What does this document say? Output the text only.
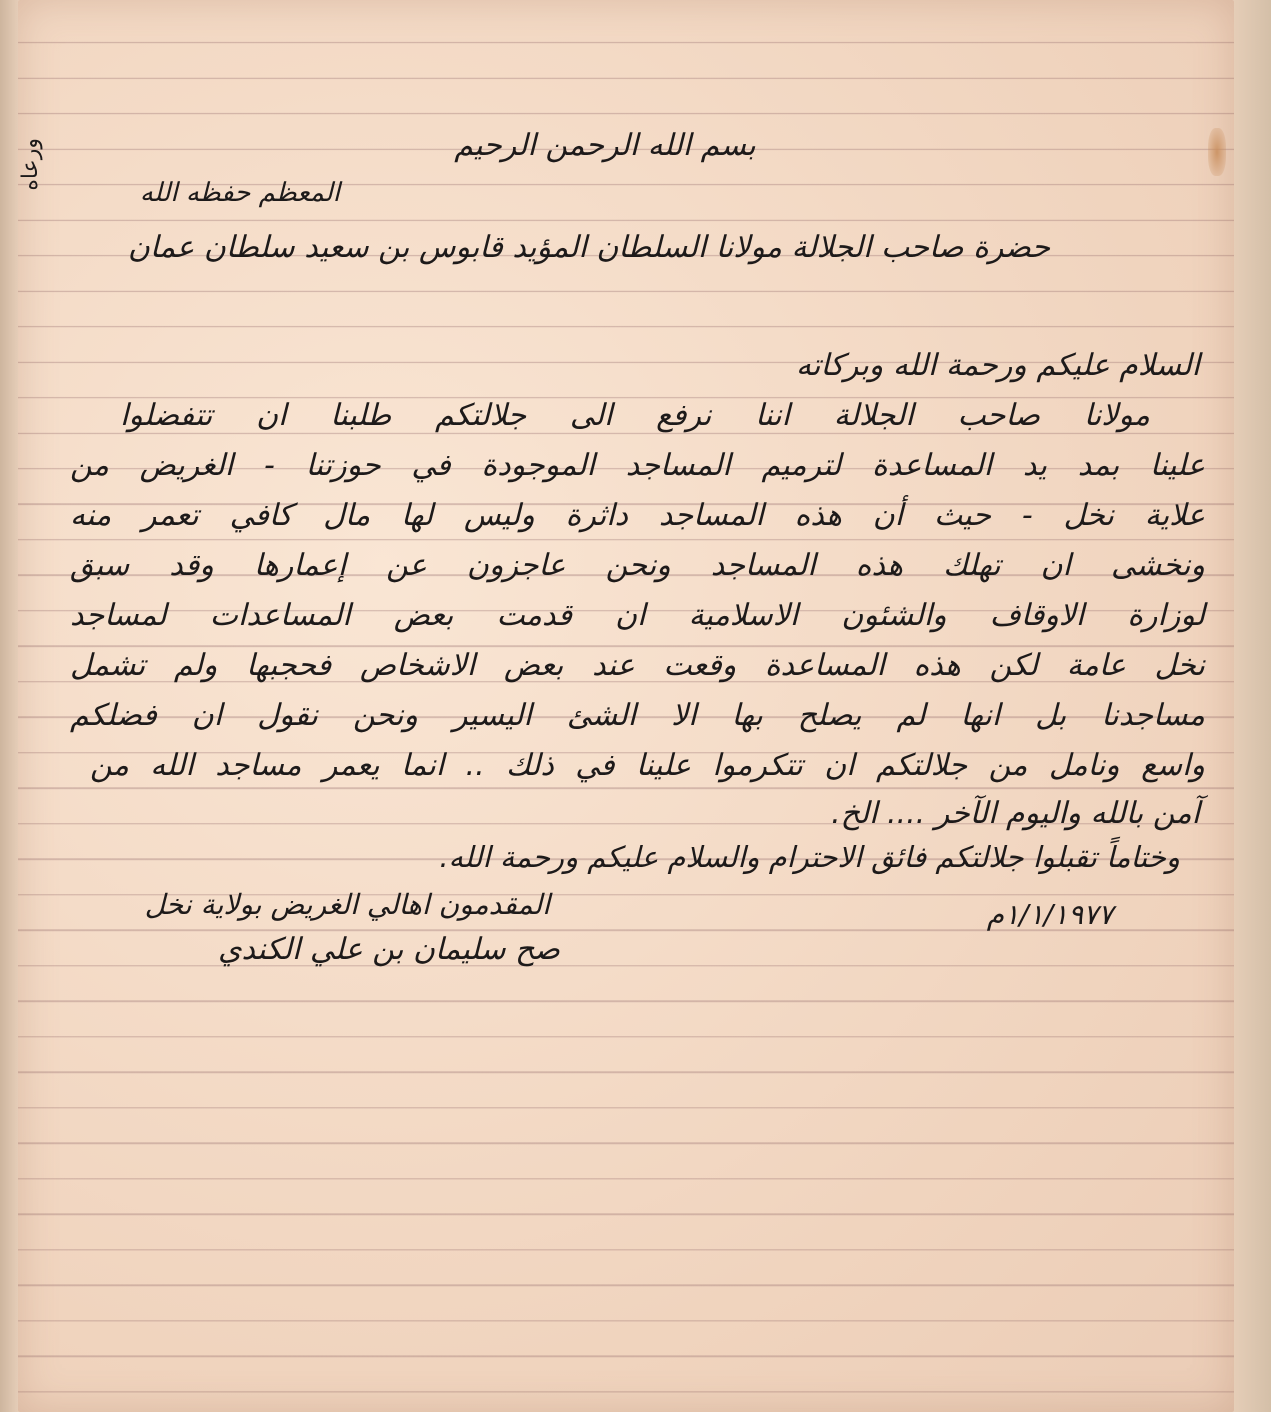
بسم الله الرحمن الرحيم
المعظم حفظه الله
ورعاه
حضرة صاحب الجلالة مولانا السلطان المؤيد قابوس بن سعيد سلطان عمان
السلام عليكم ورحمة الله وبركاته
مولانا صاحب الجلالة اننا نرفع الى جلالتكم طلبنا ان تتفضلوا
علينا بمد يد المساعدة لترميم المساجد الموجودة في حوزتنا - الغريض من
علاية نخل - حيث أن هذه المساجد داثرة وليس لها مال كافي تعمر منه
ونخشى ان تهلك هذه المساجد ونحن عاجزون عن إعمارها وقد سبق
لوزارة الاوقاف والشئون الاسلامية ان قدمت بعض المساعدات لمساجد
نخل عامة لكن هذه المساعدة وقعت عند بعض الاشخاص فحجبها ولم تشمل
مساجدنا بل انها لم يصلح بها الا الشئ اليسير ونحن نقول ان فضلكم
واسع ونامل من جلالتكم ان تتكرموا علينا في ذلك .. انما يعمر مساجد الله من
آمن بالله واليوم الآخر .... الخ.
وختاماً تقبلوا جلالتكم فائق الاحترام والسلام عليكم ورحمة الله.
المقدمون اهالي الغريض بولاية نخل	١/١/١٩٧٧م
صح سليمان بن علي الكندي
